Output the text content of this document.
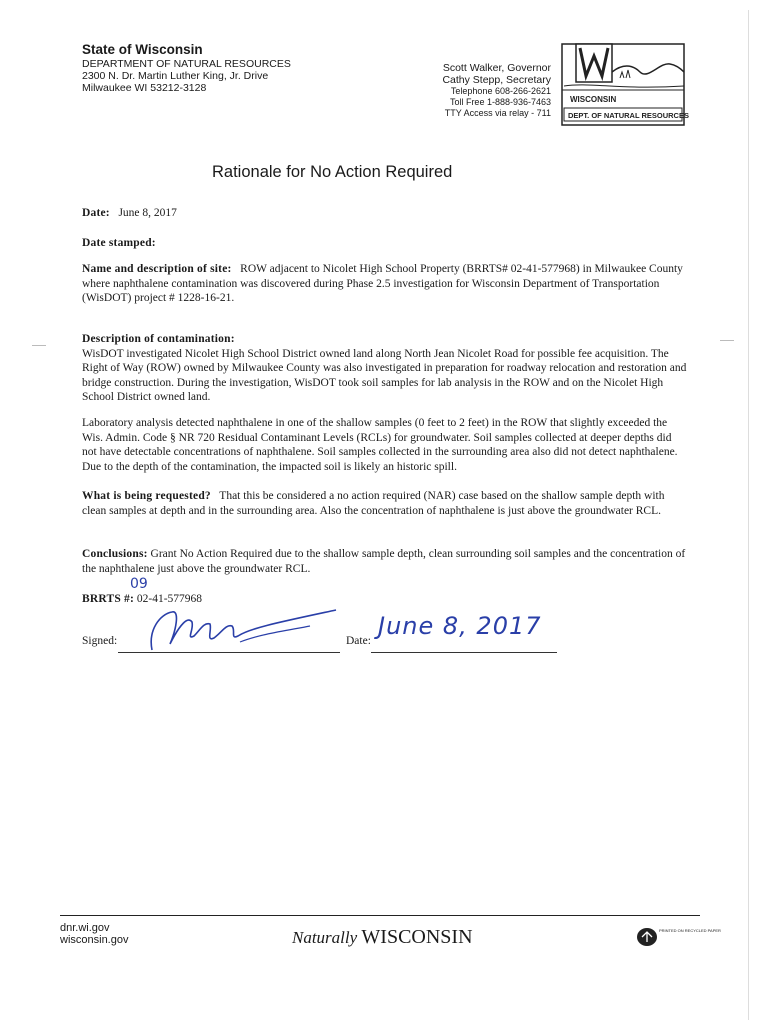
State of Wisconsin
DEPARTMENT OF NATURAL RESOURCES
2300 N. Dr. Martin Luther King, Jr. Drive
Milwaukee WI 53212-3128
Scott Walker, Governor
Cathy Stepp, Secretary
Telephone 608-266-2621
Toll Free 1-888-936-7463
TTY Access via relay - 711
WISCONSIN
DEPT. OF NATURAL RESOURCES
Rationale for No Action Required
Date: June 8, 2017
Date stamped:
Name and description of site: ROW adjacent to Nicolet High School Property (BRRTS# 02-41-577968) in Milwaukee County where naphthalene contamination was discovered during Phase 2.5 investigation for Wisconsin Department of Transportation (WisDOT) project # 1228-16-21.
Description of contamination:
WisDOT investigated Nicolet High School District owned land along North Jean Nicolet Road for possible fee acquisition. The Right of Way (ROW) owned by Milwaukee County was also investigated in preparation for roadway relocation and restoration and bridge construction. During the investigation, WisDOT took soil samples for lab analysis in the ROW and on the Nicolet High School District owned land.
Laboratory analysis detected naphthalene in one of the shallow samples (0 feet to 2 feet) in the ROW that slightly exceeded the Wis. Admin. Code § NR 720 Residual Contaminant Levels (RCLs) for groundwater. Soil samples collected at deeper depths did not have detectable concentrations of naphthalene. Soil samples collected in the surrounding area also did not detect naphthalene. Due to the depth of the contamination, the impacted soil is likely an historic spill.
What is being requested? That this be considered a no action required (NAR) case based on the shallow sample depth with clean samples at depth and in the surrounding area. Also the concentration of naphthalene is just above the groundwater RCL.
Conclusions: Grant No Action Required due to the shallow sample depth, clean surrounding soil samples and the concentration of the naphthalene just above the groundwater RCL.
09
BRRTS #: 02-41-577968
Signed:	Date:
June 8, 2017
dnr.wi.gov
wisconsin.gov	Naturally WISCONSIN	PRINTED ON RECYCLED PAPER
